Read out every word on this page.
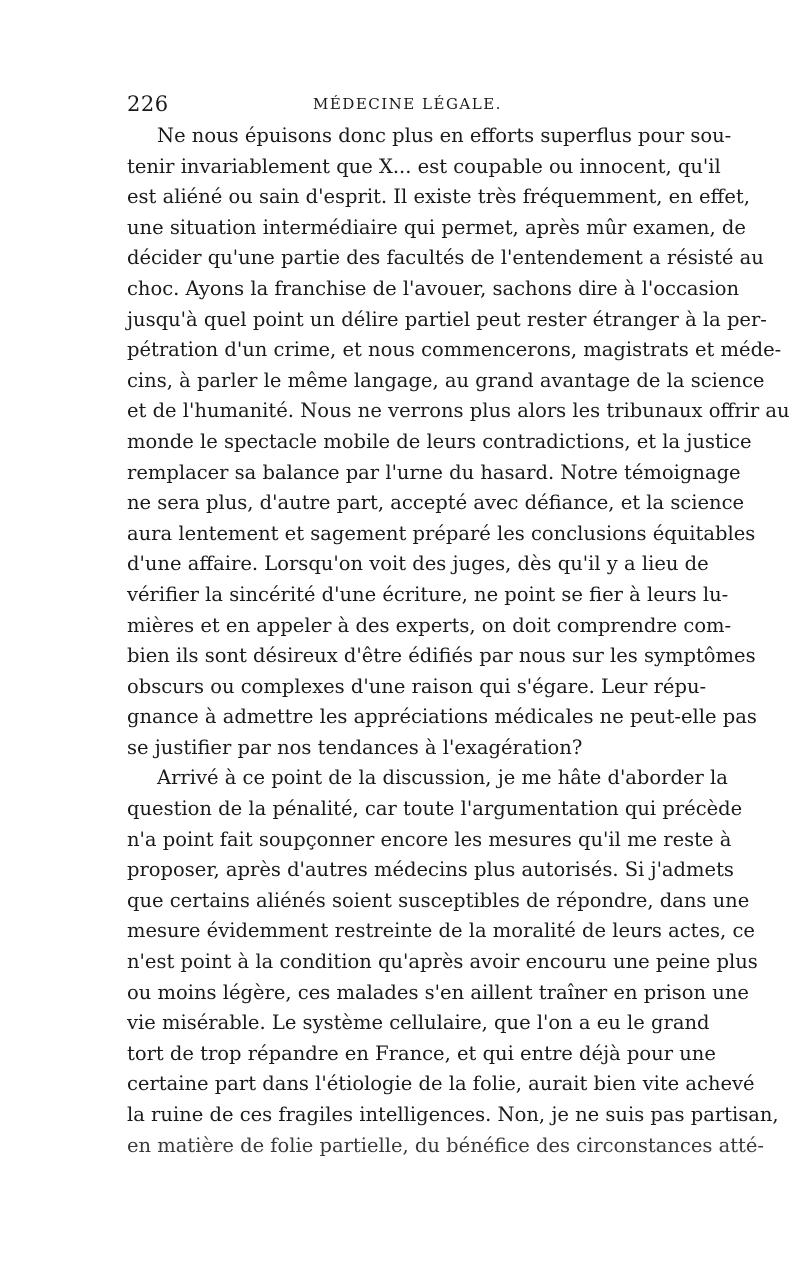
226	MÉDECINE LÉGALE.
Ne nous épuisons donc plus en efforts superflus pour sou-
tenir invariablement que X... est coupable ou innocent, qu'il
est aliéné ou sain d'esprit. Il existe très fréquemment, en effet,
une situation intermédiaire qui permet, après mûr examen, de
décider qu'une partie des facultés de l'entendement a résisté au
choc. Ayons la franchise de l'avouer, sachons dire à l'occasion
jusqu'à quel point un délire partiel peut rester étranger à la per-
pétration d'un crime, et nous commencerons, magistrats et méde-
cins, à parler le même langage, au grand avantage de la science
et de l'humanité. Nous ne verrons plus alors les tribunaux offrir au
monde le spectacle mobile de leurs contradictions, et la justice
remplacer sa balance par l'urne du hasard. Notre témoignage
ne sera plus, d'autre part, accepté avec défiance, et la science
aura lentement et sagement préparé les conclusions équitables
d'une affaire. Lorsqu'on voit des juges, dès qu'il y a lieu de
vérifier la sincérité d'une écriture, ne point se fier à leurs lu-
mières et en appeler à des experts, on doit comprendre com-
bien ils sont désireux d'être édifiés par nous sur les symptômes
obscurs ou complexes d'une raison qui s'égare. Leur répu-
gnance à admettre les appréciations médicales ne peut-elle pas
se justifier par nos tendances à l'exagération?
Arrivé à ce point de la discussion, je me hâte d'aborder la
question de la pénalité, car toute l'argumentation qui précède
n'a point fait soupçonner encore les mesures qu'il me reste à
proposer, après d'autres médecins plus autorisés. Si j'admets
que certains aliénés soient susceptibles de répondre, dans une
mesure évidemment restreinte de la moralité de leurs actes, ce
n'est point à la condition qu'après avoir encouru une peine plus
ou moins légère, ces malades s'en aillent traîner en prison une
vie misérable. Le système cellulaire, que l'on a eu le grand
tort de trop répandre en France, et qui entre déjà pour une
certaine part dans l'étiologie de la folie, aurait bien vite achevé
la ruine de ces fragiles intelligences. Non, je ne suis pas partisan,
en matière de folie partielle, du bénéfice des circonstances atté-
